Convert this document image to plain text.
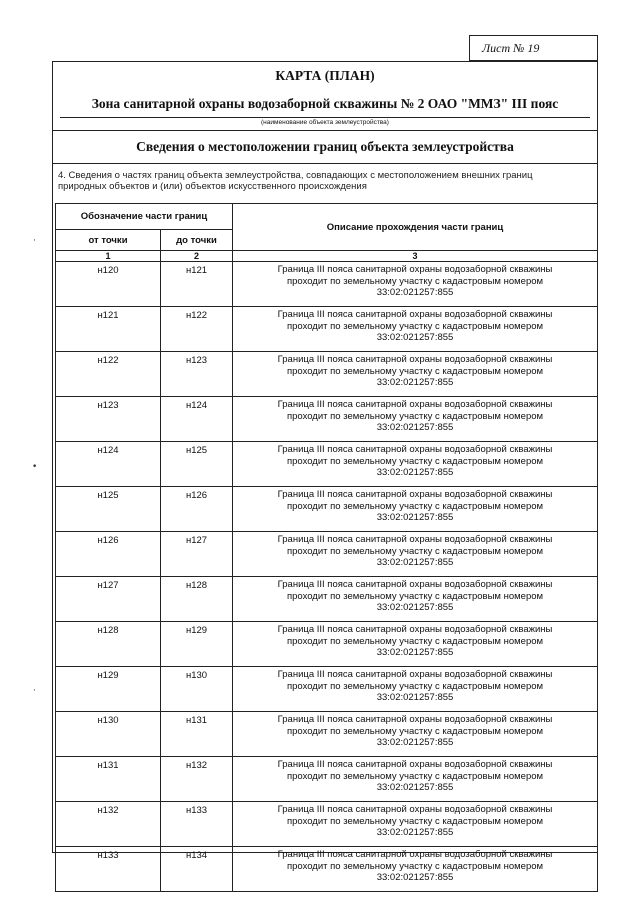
Лист № 19
КАРТА (ПЛАН)
Зона санитарной охраны водозаборной скважины № 2 ОАО "ММЗ" III пояс
(наименование объекта землеустройства)
Сведения о местоположении границ объекта землеустройства
4. Сведения о частях границ объекта землеустройства, совпадающих с местоположением внешних границ природных объектов и (или) объектов искусственного происхождения
·
•
·
Обозначение части границ		Описание прохождения части границ
от точки	до точки	
1	2	3
н120	н121	Граница III пояса санитарной охраны водозаборной скважины
проходит по земельному участку с кадастровым номером
33:02:021257:855

н121	н122	Граница III пояса санитарной охраны водозаборной скважины
проходит по земельному участку с кадастровым номером
33:02:021257:855

н122	н123	Граница III пояса санитарной охраны водозаборной скважины
проходит по земельному участку с кадастровым номером
33:02:021257:855

н123	н124	Граница III пояса санитарной охраны водозаборной скважины
проходит по земельному участку с кадастровым номером
33:02:021257:855

н124	н125	Граница III пояса санитарной охраны водозаборной скважины
проходит по земельному участку с кадастровым номером
33:02:021257:855

н125	н126	Граница III пояса санитарной охраны водозаборной скважины
проходит по земельному участку с кадастровым номером
33:02:021257:855

н126	н127	Граница III пояса санитарной охраны водозаборной скважины
проходит по земельному участку с кадастровым номером
33:02:021257:855

н127	н128	Граница III пояса санитарной охраны водозаборной скважины
проходит по земельному участку с кадастровым номером
33:02:021257:855

н128	н129	Граница III пояса санитарной охраны водозаборной скважины
проходит по земельному участку с кадастровым номером
33:02:021257:855

н129	н130	Граница III пояса санитарной охраны водозаборной скважины
проходит по земельному участку с кадастровым номером
33:02:021257:855

н130	н131	Граница III пояса санитарной охраны водозаборной скважины
проходит по земельному участку с кадастровым номером
33:02:021257:855

н131	н132	Граница III пояса санитарной охраны водозаборной скважины
проходит по земельному участку с кадастровым номером
33:02:021257:855

н132	н133	Граница III пояса санитарной охраны водозаборной скважины
проходит по земельному участку с кадастровым номером
33:02:021257:855

н133	н134	Граница III пояса санитарной охраны водозаборной скважины
проходит по земельному участку с кадастровым номером
33:02:021257:855
